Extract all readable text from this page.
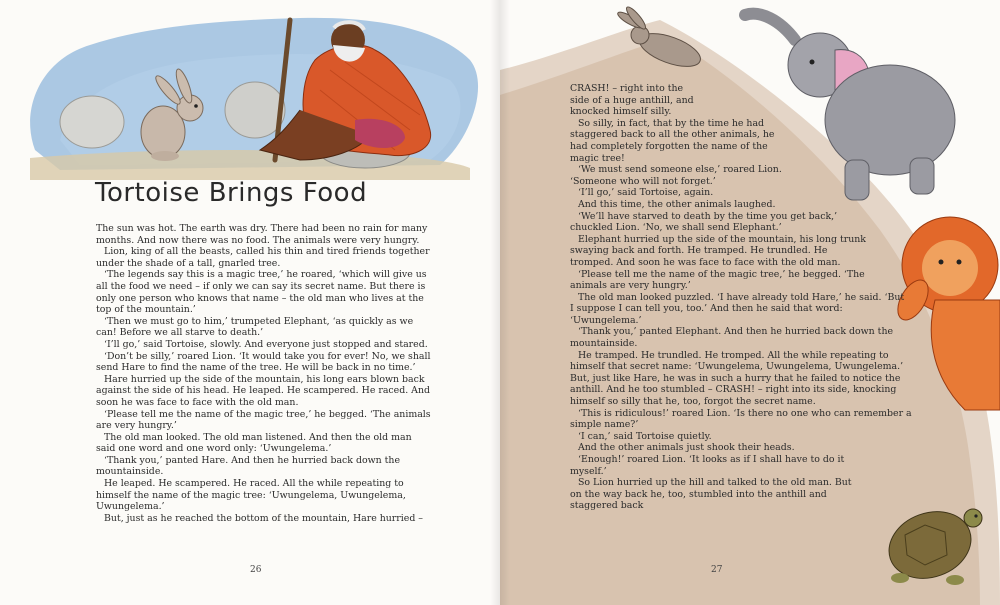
Tortoise Brings Food

The sun was hot. The earth was dry. There had been no rain for many months. And now there was no food. The animals were very hungry.

Lion, king of all the beasts, called his thin and tired friends together under the shade of a tall, gnarled tree.

‘The legends say this is a magic tree,’ he roared, ‘which will give us all the food we need – if only we can say its secret name. But there is only one person who knows that name – the old man who lives at the top of the mountain.’

‘Then we must go to him,’ trumpeted Elephant, ‘as quickly as we can! Before we all starve to death.’

‘I’ll go,’ said Tortoise, slowly. And everyone just stopped and stared.

‘Don’t be silly,’ roared Lion. ‘It would take you for ever! No, we shall send Hare to find the name of the tree. He will be back in no time.’

Hare hurried up the side of the mountain, his long ears blown back against the side of his head. He leaped. He scampered. He raced. And soon he was face to face with the old man.

‘Please tell me the name of the magic tree,’ he begged. ‘The animals are very hungry.’

The old man looked. The old man listened. And then the old man said one word and one word only: ‘Uwungelema.’

‘Thank you,’ panted Hare. And then he hurried back down the mountainside.

He leaped. He scampered. He raced. All the while repeating to himself the name of the magic tree: ‘Uwungelema, Uwungelema, Uwungelema.’

But, just as he reached the bottom of the mountain, Hare hurried –

26

CRASH! – right into the side of a huge anthill, and knocked himself silly.

So silly, in fact, that by the time he had staggered back to all the other animals, he had completely forgotten the name of the magic tree!

‘We must send someone else,’ roared Lion. ‘Someone who will not forget.’

‘I’ll go,’ said Tortoise, again.

And this time, the other animals laughed.

‘We’ll have starved to death by the time you get back,’ chuckled Lion. ‘No, we shall send Elephant.’

Elephant hurried up the side of the mountain, his long trunk swaying back and forth. He tramped. He trundled. He tromped. And soon he was face to face with the old man.

‘Please tell me the name of the magic tree,’ he begged. ‘The animals are very hungry.’

The old man looked puzzled. ‘I have already told Hare,’ he said. ‘But I suppose I can tell you, too.’ And then he said that word: ‘Uwungelema.’

‘Thank you,’ panted Elephant. And then he hurried back down the mountainside.

He tramped. He trundled. He tromped. All the while repeating to himself that secret name: ‘Uwungelema, Uwungelema, Uwungelema.’ But, just like Hare, he was in such a hurry that he failed to notice the anthill. And he too stumbled – CRASH! – right into its side, knocking himself so silly that he, too, forgot the secret name.

‘This is ridiculous!’ roared Lion. ‘Is there no one who can remember a simple name?’

‘I can,’ said Tortoise quietly.

And the other animals just shook their heads.

‘Enough!’ roared Lion. ‘It looks as if I shall have to do it myself.’

So Lion hurried up the hill and talked to the old man. But on the way back he, too, stumbled into the anthill and staggered back

27
